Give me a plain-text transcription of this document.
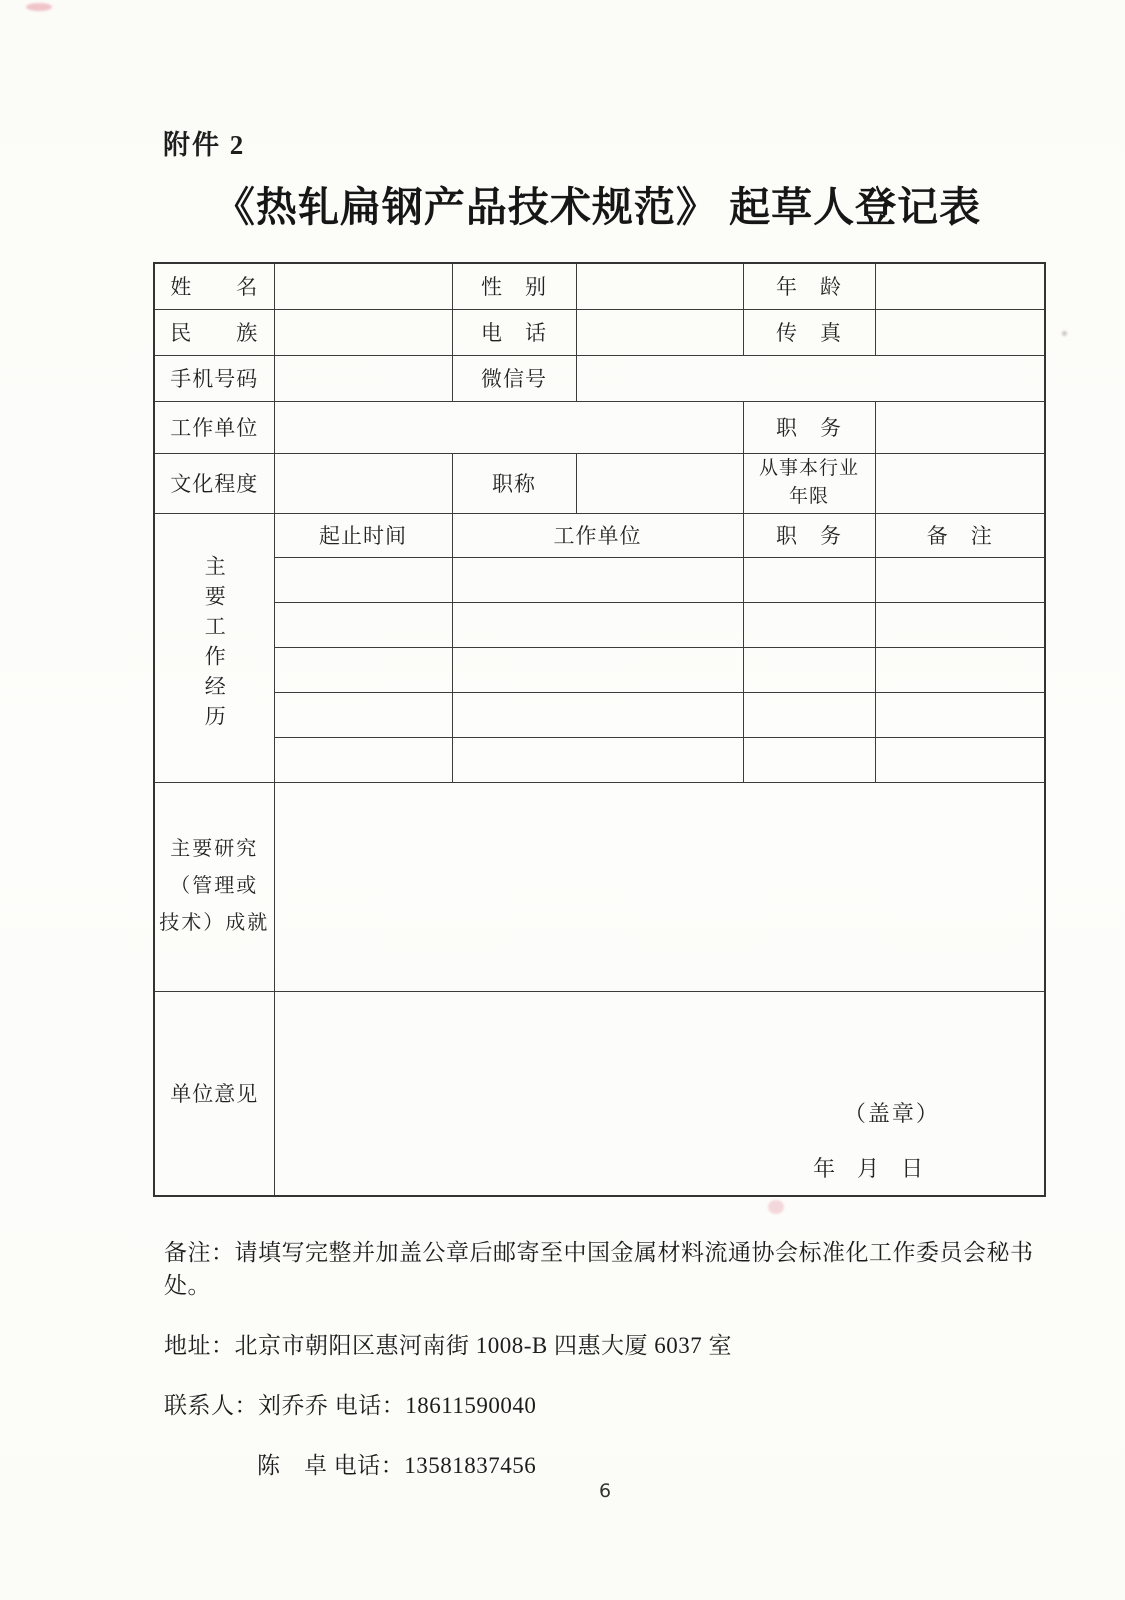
附件 2
《热轧扁钢产品技术规范》 起草人登记表
姓　　名		性　别		年　龄	
民　　族		电　话		传　真	
手机号码		微信号			
工作单位				职　务	
文化程度		职称		从事本行业
年限	

主要工作经历	起止时间	工作单位		职　务	备　注

主要研究
（管理或
技术）成就					

单位意见	（盖章）
年　月　日				

备注：请填写完整并加盖公章后邮寄至中国金属材料流通协会标准化工作委员会秘书处。

地址：北京市朝阳区惠河南街 1008-B 四惠大厦 6037 室

联系人：刘乔乔 电话：18611590040

陈　卓 电话：13581837456

6
